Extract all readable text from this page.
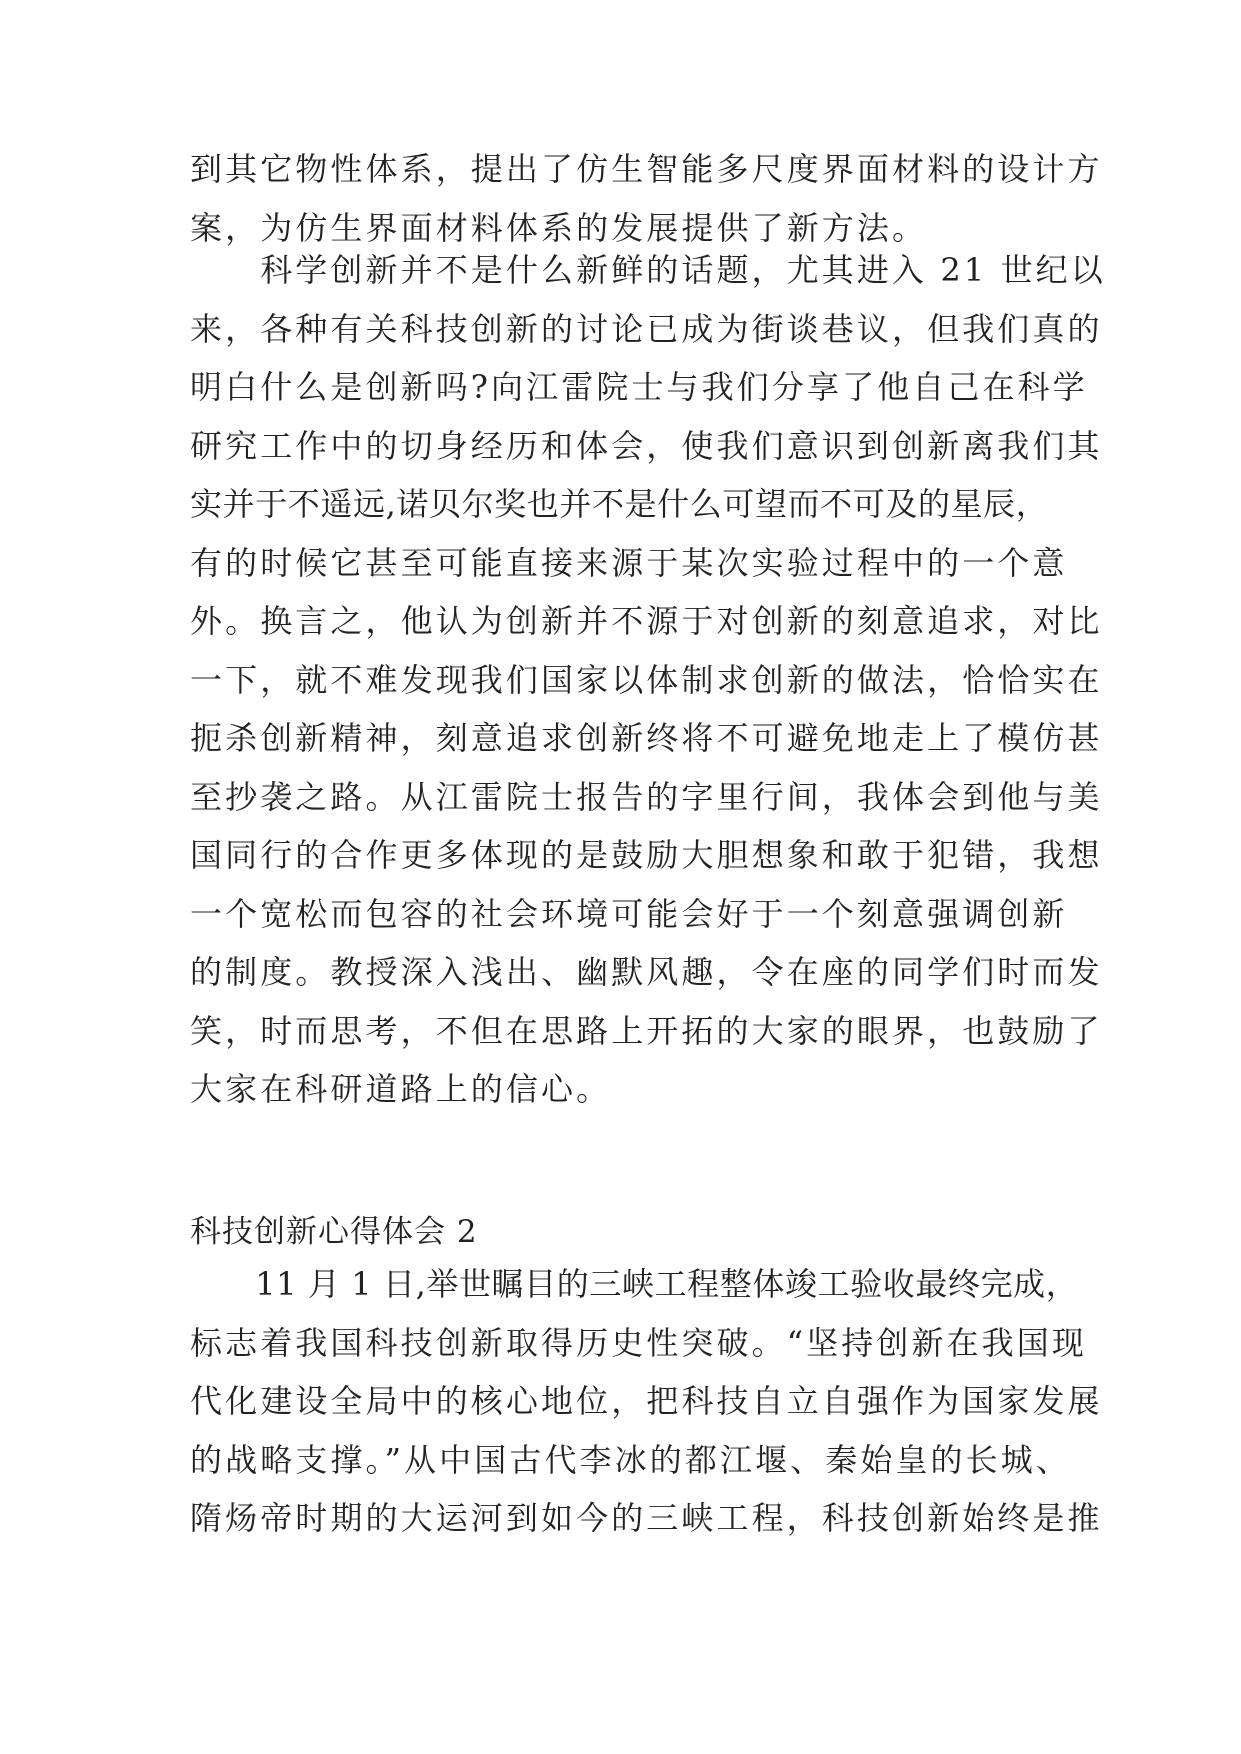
到其它物性体系，提出了仿生智能多尺度界面材料的设计方
案，为仿生界面材料体系的发展提供了新方法。
　　科学创新并不是什么新鲜的话题，尤其进入 21 世纪以
来，各种有关科技创新的讨论已成为街谈巷议，但我们真的
明白什么是创新吗?向江雷院士与我们分享了他自己在科学
研究工作中的切身经历和体会，使我们意识到创新离我们其
实并于不遥远,诺贝尔奖也并不是什么可望而不可及的星辰，
有的时候它甚至可能直接来源于某次实验过程中的一个意
外。换言之，他认为创新并不源于对创新的刻意追求，对比
一下，就不难发现我们国家以体制求创新的做法，恰恰实在
扼杀创新精神，刻意追求创新终将不可避免地走上了模仿甚
至抄袭之路。从江雷院士报告的字里行间，我体会到他与美
国同行的合作更多体现的是鼓励大胆想象和敢于犯错，我想
一个宽松而包容的社会环境可能会好于一个刻意强调创新
的制度。教授深入浅出、幽默风趣，令在座的同学们时而发
笑，时而思考，不但在思路上开拓的大家的眼界，也鼓励了
大家在科研道路上的信心。
科技创新心得体会 2
　　11 月 1 日,举世瞩目的三峡工程整体竣工验收最终完成，
标志着我国科技创新取得历史性突破。“坚持创新在我国现
代化建设全局中的核心地位，把科技自立自强作为国家发展
的战略支撑。”从中国古代李冰的都江堰、秦始皇的长城、
隋炀帝时期的大运河到如今的三峡工程，科技创新始终是推
